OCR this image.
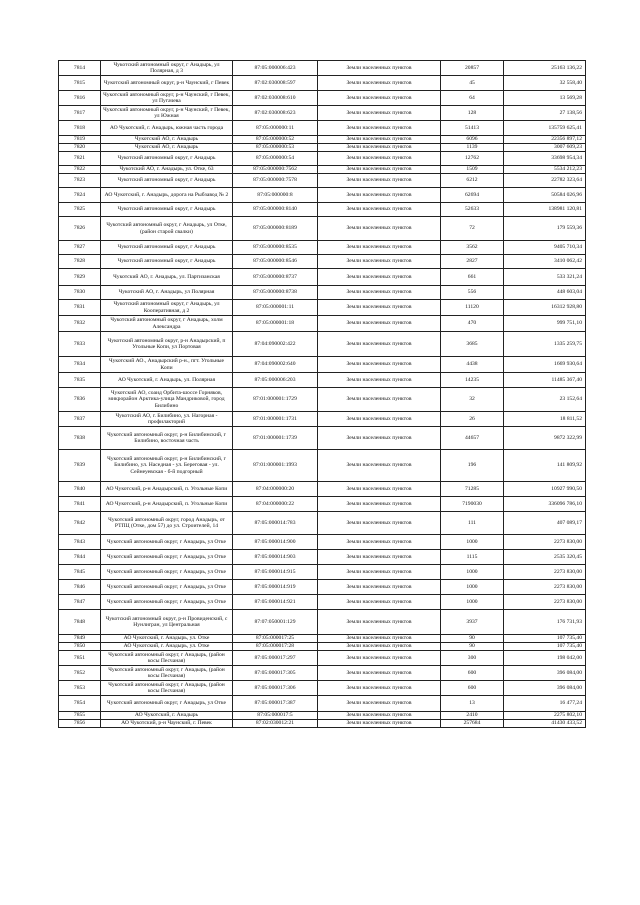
7814	Чукотский автономный округ, г Анадырь, ул Полярная, д 3	87:05:000006:423	Земли населенных пунктов	20857	25163 136,22
7815	Чукотский автономный округ, р-н Чаунский, г Певек	87:02:030008:597	Земли населенных пунктов	45	32 558,40
7816	Чукотский автономный округ, р-н Чаунский, г Певек, ул Пугачева	87:02:030008:610	Земли населенных пунктов	64	13 569,28
7817	Чукотский автономный округ, р-н Чаунский, г Певек, ул Южная	87:02:030008:623	Земли населенных пунктов	128	27 138,56
7818	АО Чукотский, г. Анадырь, южная часть города	87:05:000000:11	Земли населенных пунктов	51413	135759 625,41
7819	Чукотский АО, г. Анадырь	87:05:000000:52	Земли населенных пунктов	6096	22356 897,12
7820	Чукотский АО, г. Анадырь	87:05:000000:53	Земли населенных пунктов	1139	3007 609,23
7821	Чукотский автономный округ, г Анадырь	87:05:000000:54	Земли населенных пунктов	12762	33698 954,34
7822	Чукотский АО, г. Анадырь, ул. Отке, 63	87:05:000000:7562	Земли населенных пунктов	1509	5534 212,23
7823	Чукотский автономный округ, г Анадырь	87:05:000000:7578	Земли населенных пунктов	6212	22782 323,64
7824	АО Чукотский, г. Анадырь, дорога на Рыбзавод № 2	87:05:000000:8	Земли населенных пунктов	62694	50584 026,96
7825	Чукотский автономный округ, г Анадырь	87:05:000000:8140	Земли населенных пунктов	52633	138981 120,81
7826	Чукотский автономный округ, г Анадырь, ул Отке, (район старой свалки)	87:05:000000:8189	Земли населенных пунктов	72	179 559,36
7827	Чукотский автономный округ, г Анадырь	87:05:000000:8535	Земли населенных пунктов	3562	9405 710,34
7828	Чукотский автономный округ, г Анадырь	87:05:000000:8546	Земли населенных пунктов	2827	3410 062,42
7829	Чукотский АО, г. Анадырь, ул. Партизанская	87:05:000000:8737	Земли населенных пунктов	661	533 321,24
7830	Чукотский АО, г. Анадырь, ул Полярная	87:05:000000:8738	Земли населенных пунктов	556	448 603,04
7831	Чукотский автономный округ, г Анадырь, ул Кооперативная, д 2	87:05:000001:11	Земли населенных пунктов	11120	16312 928,80
7832	Чукотский автономный округ, г Анадырь, холм Александра	87:05:000001:18	Земли населенных пунктов	470	999 751,10
7833	Чукотский автономный округ, р-н Анадырский, п Угольные Копи, ул Портовая	87:04:090002:422	Земли населенных пунктов	3685	1335 259,75
7834	Чукотский АО., Анадырский р-н., пгт. Угольные Копи	87:04:090002:640	Земли населенных пунктов	4438	1669 930,64
7835	АО Чукотский, г. Анадырь, ул. Полярная	87:05:000006:203	Земли населенных пунктов	14235	11485 367,40
7836	Чукотский АО, соаид Орбита-шоссе Горняков, микрорайон Арктика-улица Мандриковой, город Билибино	87:01:000001:1729	Земли населенных пунктов	32	23 152,64
7837	Чукотский АО, г. Билибино, ул. Нагорная - профилакторий	87:01:000001:1731	Земли населенных пунктов	26	18 811,52
7838	Чукотский автономный округ, р-н Билибинский, г Билибино, восточная часть	87:01:000001:1739	Земли населенных пунктов	44657	9872 322,99
7839	Чукотский автономный округ, р-н Билибинский, г Билибино, ул. Наседная - ул. Береговая - ул. Сейнеуевская - б-й подгорный	87:01:000001:1993	Земли населенных пунктов	196	141 809,92
7840	АО Чукотский, р-н Анадырский, п. Угольные Копи	87:04:000000:20	Земли населенных пунктов	71285	10927 990,50
7841	АО Чукотский, р-н Анадырский, п. Угольные Копи	87:04:000000:22	Земли населенных пунктов	7190030	336096 786,10
7842	Чукотский автономный округ, город Анадырь, от РТПЦ (Отке, дом 57) до ул. Строителей, 14	87:05:000014:783	Земли населенных пунктов	111	407 089,17
7843	Чукотский автономный округ, г Анадырь, ул Отке	87:05:000014:900	Земли населенных пунктов	1000	2273 830,00
7844	Чукотский автономный округ, г Анадырь, ул Отке	87:05:000014:903	Земли населенных пунктов	1115	2535 320,45
7845	Чукотский автономный округ, г Анадырь, ул Отке	87:05:000014:915	Земли населенных пунктов	1000	2273 830,00
7846	Чукотский автономный округ, г Анадырь, ул Отке	87:05:000014:919	Земли населенных пунктов	1000	2273 830,00
7847	Чукотский автономный округ, г Анадырь, ул Отке	87:05:000014:921	Земли населенных пунктов	1000	2273 830,00
7848	Чукотский автономный округ, р-н Провиденский, с Нунлигран, ул Центральная	87:07:050001:129	Земли населенных пунктов	3937	176 731,93
7849	АО Чукотский, г. Анадырь, ул. Отке	87:05:000017:25	Земли населенных пунктов	90	107 735,40
7850	АО Чукотский, г. Анадырь, ул. Отке	87:05:000017:28	Земли населенных пунктов	90	107 735,40
7851	Чукотский автономный округ, г Анадырь, (район косы Песчаная)	87:05:000017:297	Земли населенных пунктов	300	198 042,00
7852	Чукотский автономный округ, г Анадырь, (район косы Песчаная)	87:05:000017:305	Земли населенных пунктов	600	396 084,00
7853	Чукотский автономный округ, г Анадырь, (район косы Песчаная)	87:05:000017:306	Земли населенных пунктов	600	396 084,00
7854	Чукотский автономный округ, г Анадырь, ул Отке	87:05:000017:387	Земли населенных пунктов	13	16 477,24
7855	АО Чукотский, г. Анадырь	87:05:000017:5	Земли населенных пунктов	2410	2275 802,10
7856	АО Чукотский, р-н Чаунский, г. Певек	87:02:030012:21	Земли населенных пунктов	257684	41430 433,52
